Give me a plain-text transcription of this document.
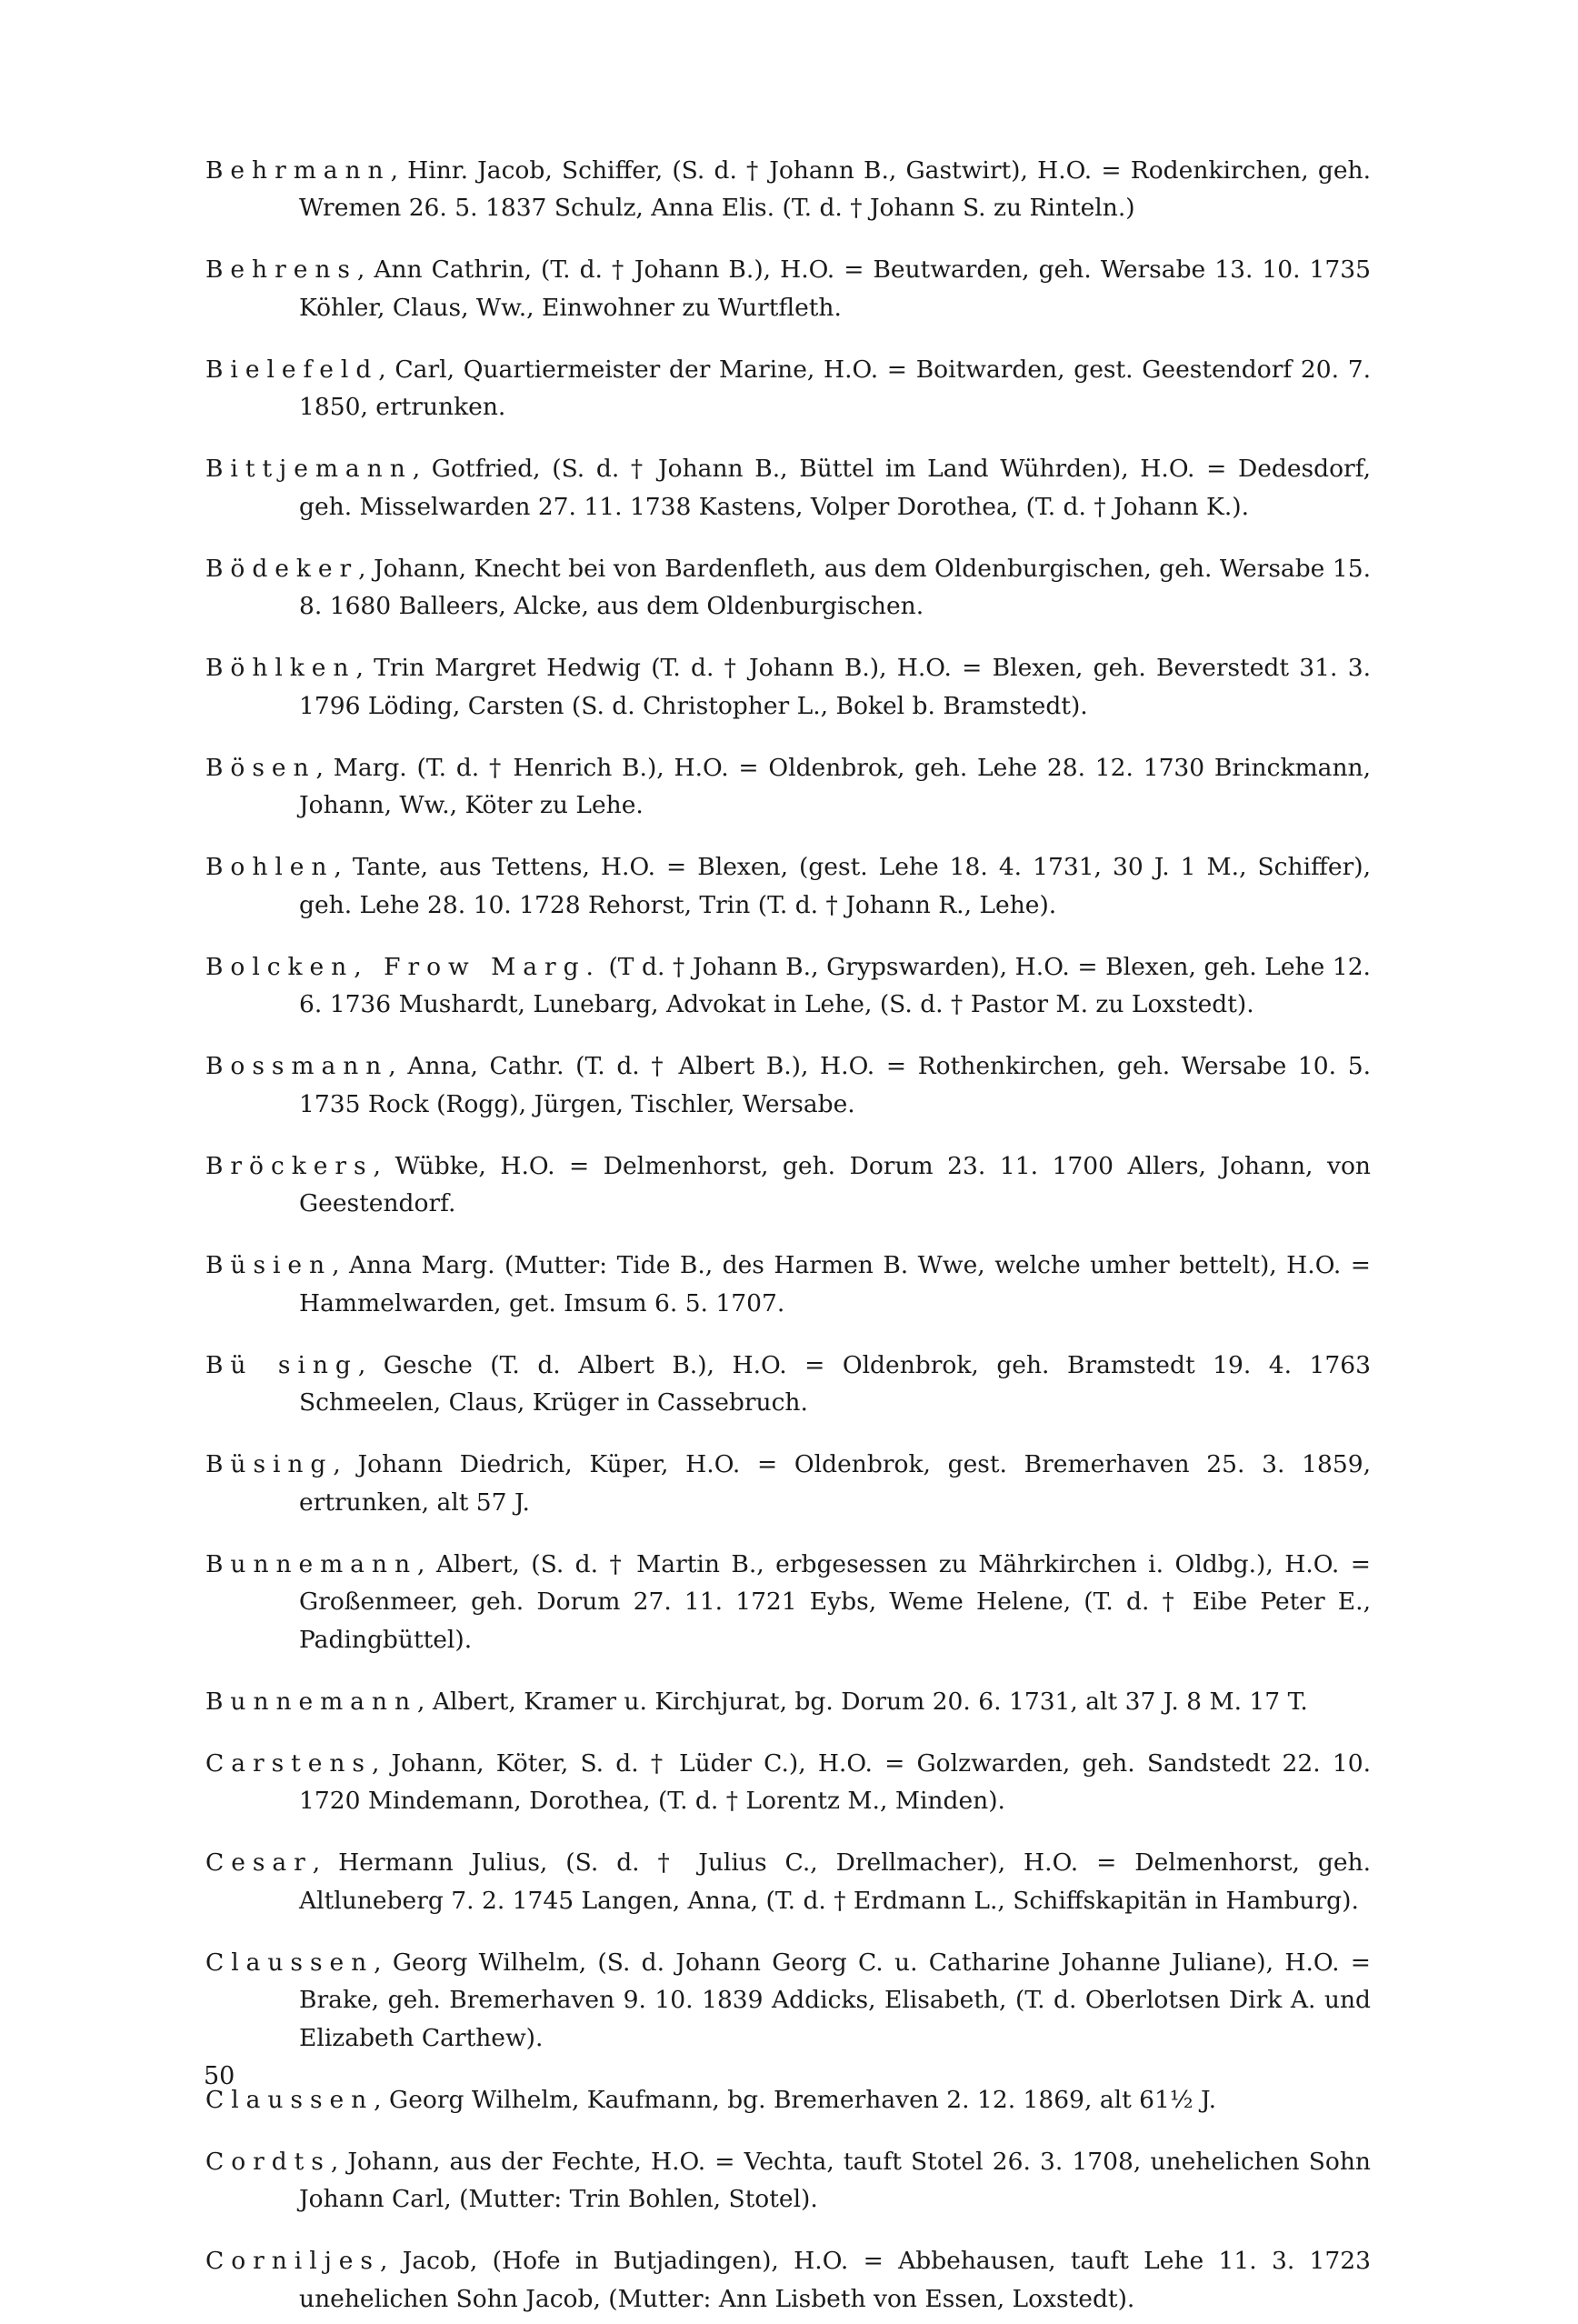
Behrmann, Hinr. Jacob, Schiffer, (S. d. † Johann B., Gastwirt), H.O. = Rodenkirchen, geh. Wremen 26. 5. 1837 Schulz, Anna Elis. (T. d. † Johann S. zu Rinteln.)

Behrens, Ann Cathrin, (T. d. † Johann B.), H.O. = Beutwarden, geh. Wersabe 13. 10. 1735 Köhler, Claus, Ww., Einwohner zu Wurtfleth.

Bielefeld, Carl, Quartiermeister der Marine, H.O. = Boitwarden, gest. Geestendorf 20. 7. 1850, ertrunken.

Bittjemann, Gotfried, (S. d. † Johann B., Büttel im Land Wührden), H.O. = Dedesdorf, geh. Misselwarden 27. 11. 1738 Kastens, Volper Dorothea, (T. d. † Johann K.).

Bödeker, Johann, Knecht bei von Bardenfleth, aus dem Oldenburgischen, geh. Wersabe 15. 8. 1680 Balleers, Alcke, aus dem Oldenburgischen.

Böhlken, Trin Margret Hedwig (T. d. † Johann B.), H.O. = Blexen, geh. Beverstedt 31. 3. 1796 Löding, Carsten (S. d. Christopher L., Bokel b. Bramstedt).

Bösen, Marg. (T. d. † Henrich B.), H.O. = Oldenbrok, geh. Lehe 28. 12. 1730 Brinckmann, Johann, Ww., Köter zu Lehe.

Bohlen, Tante, aus Tettens, H.O. = Blexen, (gest. Lehe 18. 4. 1731, 30 J. 1 M., Schiffer), geh. Lehe 28. 10. 1728 Rehorst, Trin (T. d. † Johann R., Lehe).

Bolcken, Frow Marg. (T d. † Johann B., Grypswarden), H.O. = Blexen, geh. Lehe 12. 6. 1736 Mushardt, Lunebarg, Advokat in Lehe, (S. d. † Pastor M. zu Loxstedt).

Bossmann, Anna, Cathr. (T. d. † Albert B.), H.O. = Rothenkirchen, geh. Wersabe 10. 5. 1735 Rock (Rogg), Jürgen, Tischler, Wersabe.

Bröckers, Wübke, H.O. = Delmenhorst, geh. Dorum 23. 11. 1700 Allers, Johann, von Geestendorf.

Büsien, Anna Marg. (Mutter: Tide B., des Harmen B. Wwe, welche umher bettelt), H.O. = Hammelwarden, get. Imsum 6. 5. 1707.

Bü sing, Gesche (T. d. Albert B.), H.O. = Oldenbrok, geh. Bramstedt 19. 4. 1763 Schmeelen, Claus, Krüger in Cassebruch.

Büsing, Johann Diedrich, Küper, H.O. = Oldenbrok, gest. Bremerhaven 25. 3. 1859, ertrunken, alt 57 J.

Bunnemann, Albert, (S. d. † Martin B., erbgesessen zu Mährkirchen i. Oldbg.), H.O. = Großenmeer, geh. Dorum 27. 11. 1721 Eybs, Weme Helene, (T. d. † Eibe Peter E., Padingbüttel).

Bunnemann, Albert, Kramer u. Kirchjurat, bg. Dorum 20. 6. 1731, alt 37 J. 8 M. 17 T.

Carstens, Johann, Köter, S. d. † Lüder C.), H.O. = Golzwarden, geh. Sandstedt 22. 10. 1720 Mindemann, Dorothea, (T. d. † Lorentz M., Minden).

Cesar, Hermann Julius, (S. d. † Julius C., Drellmacher), H.O. = Delmenhorst, geh. Altluneberg 7. 2. 1745 Langen, Anna, (T. d. † Erdmann L., Schiffskapitän in Hamburg).

Claussen, Georg Wilhelm, (S. d. Johann Georg C. u. Catharine Johanne Juliane), H.O. = Brake, geh. Bremerhaven 9. 10. 1839 Addicks, Elisabeth, (T. d. Oberlotsen Dirk A. und Elizabeth Carthew).

Claussen, Georg Wilhelm, Kaufmann, bg. Bremerhaven 2. 12. 1869, alt 61½ J.

Cordts, Johann, aus der Fechte, H.O. = Vechta, tauft Stotel 26. 3. 1708, unehelichen Sohn Johann Carl, (Mutter: Trin Bohlen, Stotel).

Corniljes, Jacob, (Hofe in Butjadingen), H.O. = Abbehausen, tauft Lehe 11. 3. 1723 unehelichen Sohn Jacob, (Mutter: Ann Lisbeth von Essen, Loxstedt).

50
